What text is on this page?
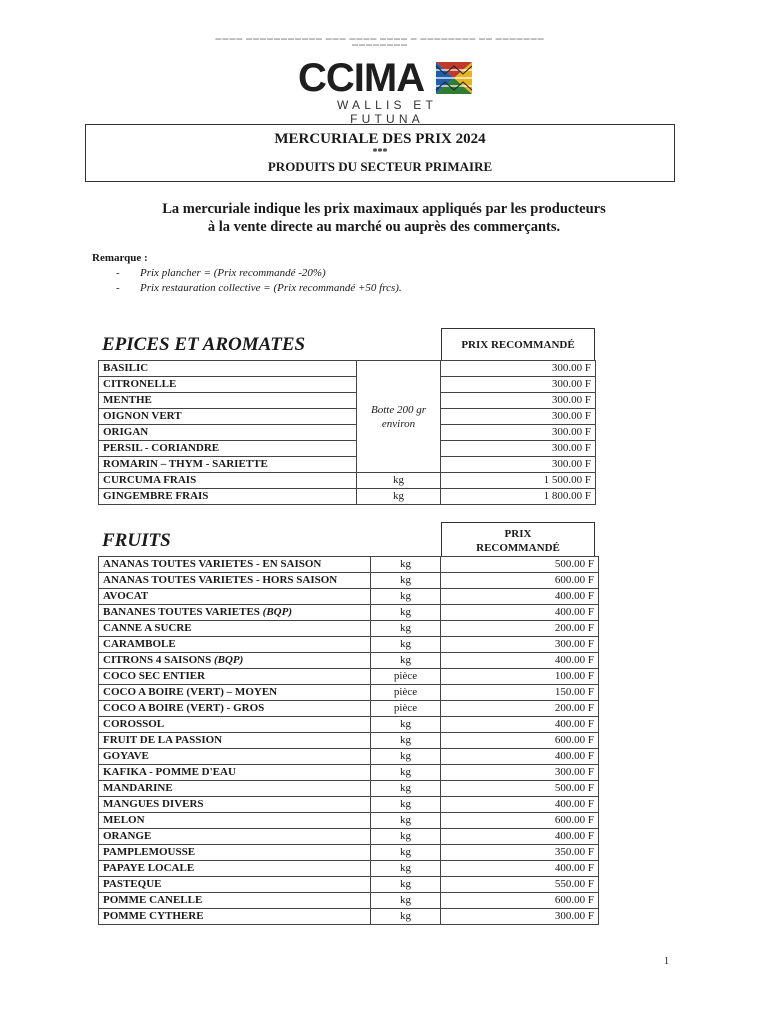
▬▬▬▬ ▬▬▬▬▬▬▬▬▬▬▬ ▬▬▬ ▬▬▬▬ ▬▬▬▬ ▬ ▬▬▬▬▬▬▬▬ ▬▬ ▬▬▬▬▬▬▬ ▬▬▬▬▬▬▬▬
CCIMA
WALLIS ET FUTUNA
MERCURIALE DES PRIX 2024
***
PRODUITS DU SECTEUR PRIMAIRE
La mercuriale indique les prix maximaux appliqués par les producteurs
à la vente directe au marché ou auprès des commerçants.
Remarque :
- Prix plancher = (Prix recommandé -20%)
- Prix restauration collective = (Prix recommandé +50 frcs).
EPICES ET AROMATES	PRIX RECOMMANDÉ
BASILIC	Botte 200 gr environ	300.00 F
CITRONELLE		300.00 F
MENTHE		300.00 F
OIGNON VERT		300.00 F
ORIGAN		300.00 F
PERSIL - CORIANDRE		300.00 F
ROMARIN – THYM - SARIETTE		300.00 F
CURCUMA FRAIS	kg	1 500.00 F
GINGEMBRE FRAIS	kg	1 800.00 F
FRUITS	PRIX
RECOMMANDÉ
ANANAS TOUTES VARIETES - EN SAISON	kg	500.00 F
ANANAS TOUTES VARIETES - HORS SAISON	kg	600.00 F
AVOCAT	kg	400.00 F
BANANES TOUTES VARIETES (BQP)	kg	400.00 F
CANNE A SUCRE	kg	200.00 F
CARAMBOLE	kg	300.00 F
CITRONS 4 SAISONS (BQP)	kg	400.00 F
COCO SEC ENTIER	pièce	100.00 F
COCO A BOIRE (VERT) – MOYEN	pièce	150.00 F
COCO A BOIRE (VERT) - GROS	pièce	200.00 F
COROSSOL	kg	400.00 F
FRUIT DE LA PASSION	kg	600.00 F
GOYAVE	kg	400.00 F
KAFIKA - POMME D'EAU	kg	300.00 F
MANDARINE	kg	500.00 F
MANGUES DIVERS	kg	400.00 F
MELON	kg	600.00 F
ORANGE	kg	400.00 F
PAMPLEMOUSSE	kg	350.00 F
PAPAYE LOCALE	kg	400.00 F
PASTEQUE	kg	550.00 F
POMME CANELLE	kg	600.00 F
POMME CYTHERE	kg	300.00 F
1
